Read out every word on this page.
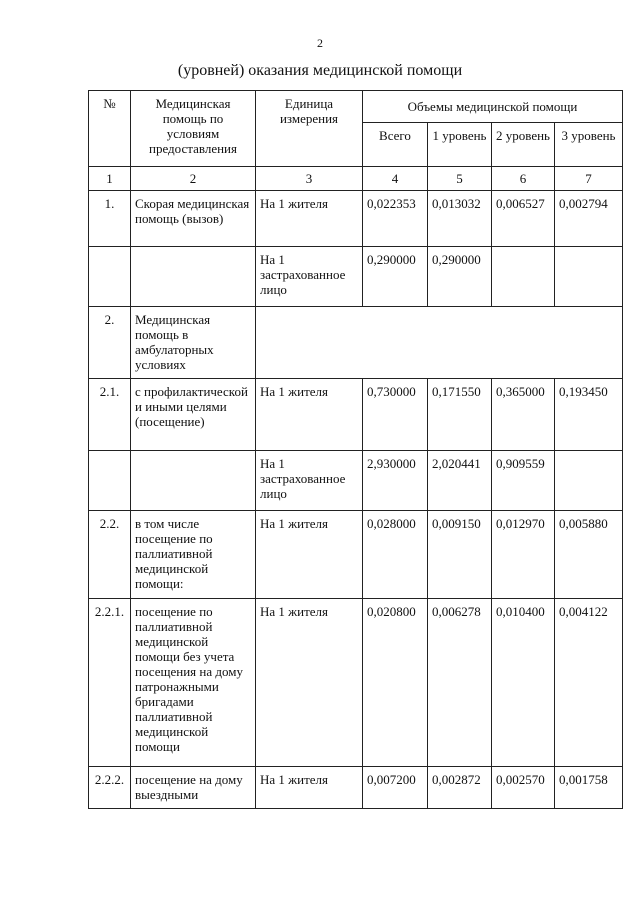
2
(уровней) оказания медицинской помощи
№	Медицинская помощь по условиям предоставления	Единица измерения	Объемы медицинской помощи			
			Всего	1 уровень	2 уровень	3 уровень
1	2	3	4	5	6	7
1.	Скорая медицинская помощь (вызов)	На 1 жителя	0,022353	0,013032	0,006527	0,002794
		На 1 застрахованное лицо	0,290000	0,290000		
2.	Медицинская помощь в амбулаторных условиях					
2.1.	с профилактической и иными целями (посещение)	На 1 жителя	0,730000	0,171550	0,365000	0,193450
		На 1 застрахованное лицо	2,930000	2,020441	0,909559	
2.2.	в том числе посещение по паллиативной медицинской помощи:	На 1 жителя	0,028000	0,009150	0,012970	0,005880
2.2.1.	посещение по паллиативной медицинской помощи без учета посещения на дому патронажными бригадами паллиативной медицинской помощи	На 1 жителя	0,020800	0,006278	0,010400	0,004122
2.2.2.	посещение на дому выездными	На 1 жителя	0,007200	0,002872	0,002570	0,001758
